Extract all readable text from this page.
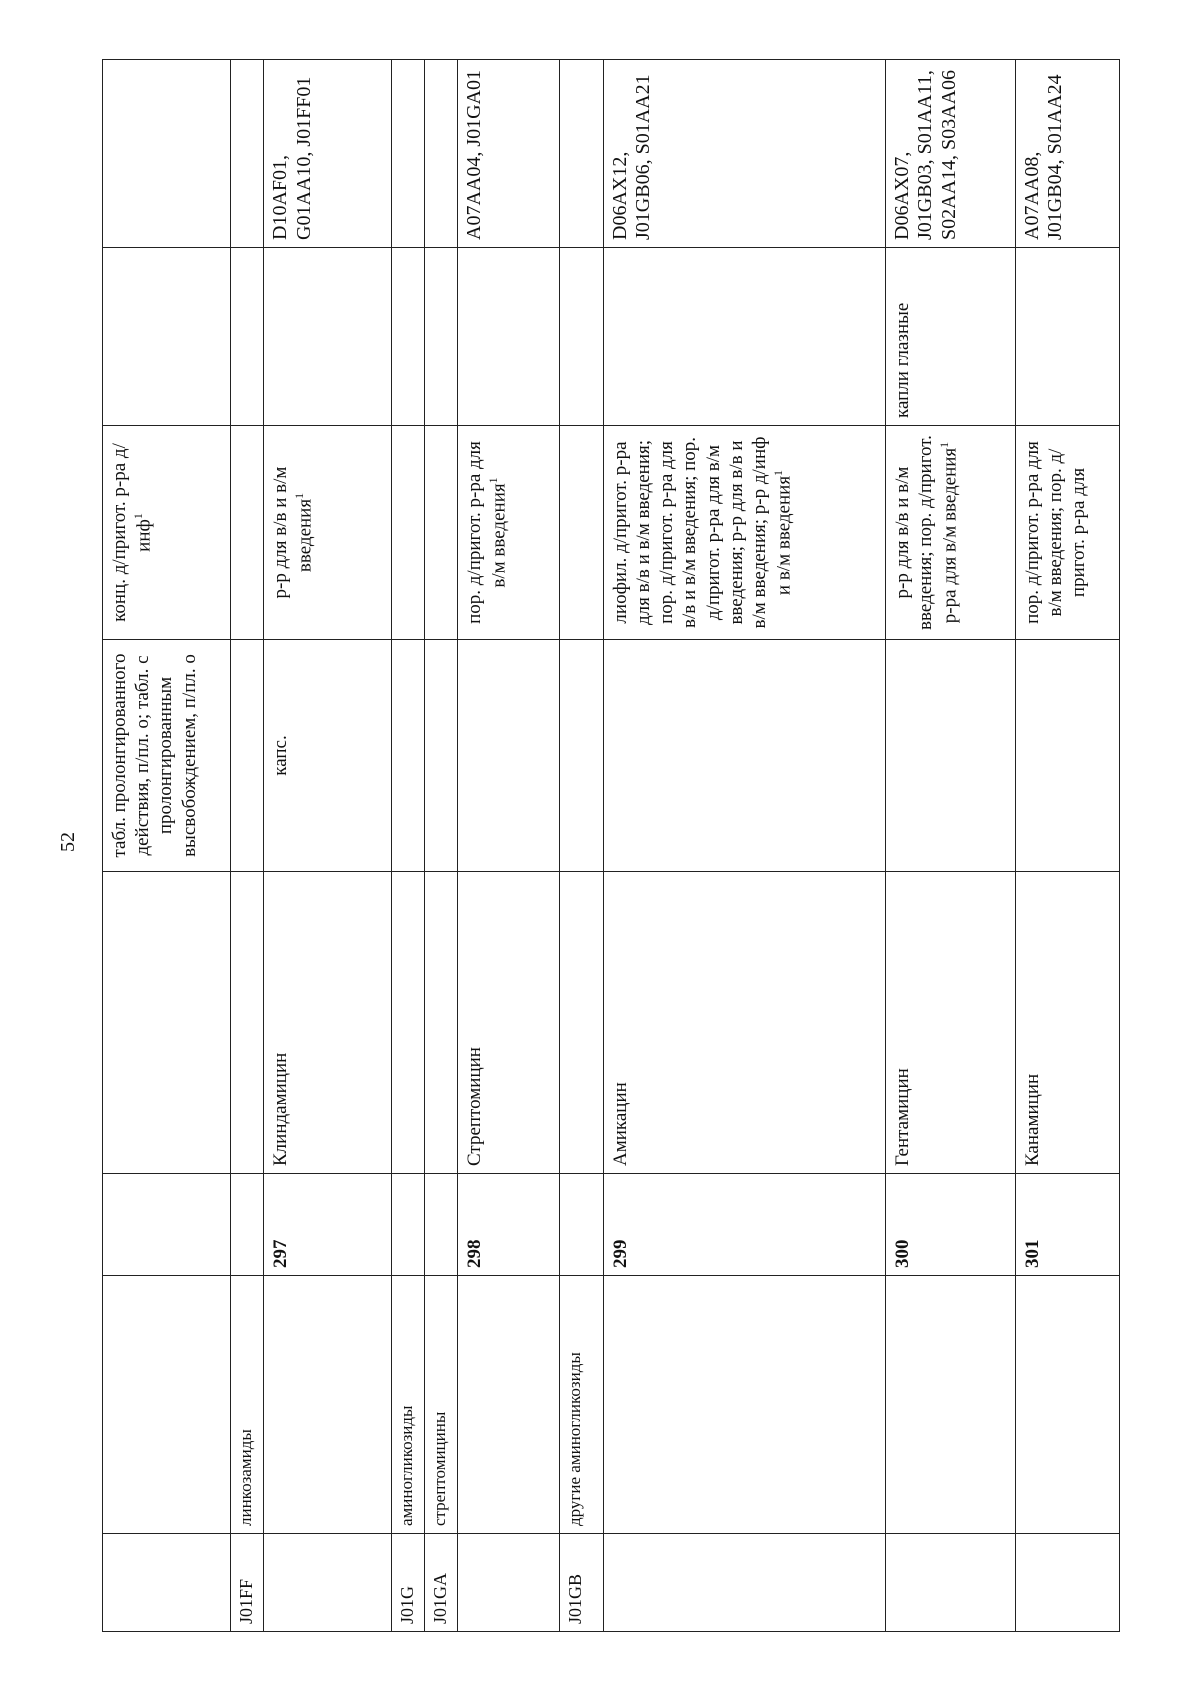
52
				табл. пролонгированного действия, п/пл. о; табл. с пролонгированным высвобождением, п/пл. о	конц. д/пригот. р-ра д/инф$^1$		
J01FF	линкозамиды						
		297	Клиндамицин	капс.	р-р для в/в и в/м введения$^1$		D10AF01, G01AA10, J01FF01
J01G	аминогликозиды						
J01GA	стрептомицины						
		298	Стрептомицин		пор. д/пригот. р-ра для в/м введения$^1$		A07AA04, J01GA01
J01GB	другие аминогликозиды						
		299	Амикацин		лиофил. д/пригот. р-ра для в/в и в/м введения; пор. д/пригот. р-ра для в/в и в/м введения; пор. д/пригот. р-ра для в/м введения; р-р для в/в и в/м введения; р-р д/инф и в/м введения$^1$		D06AX12, J01GB06, S01AA21
		300	Гентамицин		р-р для в/в и в/м введения; пор. д/пригот. р-ра для в/м введения$^1$	капли глазные	D06AX07, J01GB03, S01AA11, S02AA14, S03AA06
		301	Канамицин		пор. д/пригот. р-ра для в/м введения; пор. д/пригот. р-ра для		A07AA08, J01GB04, S01AA24
